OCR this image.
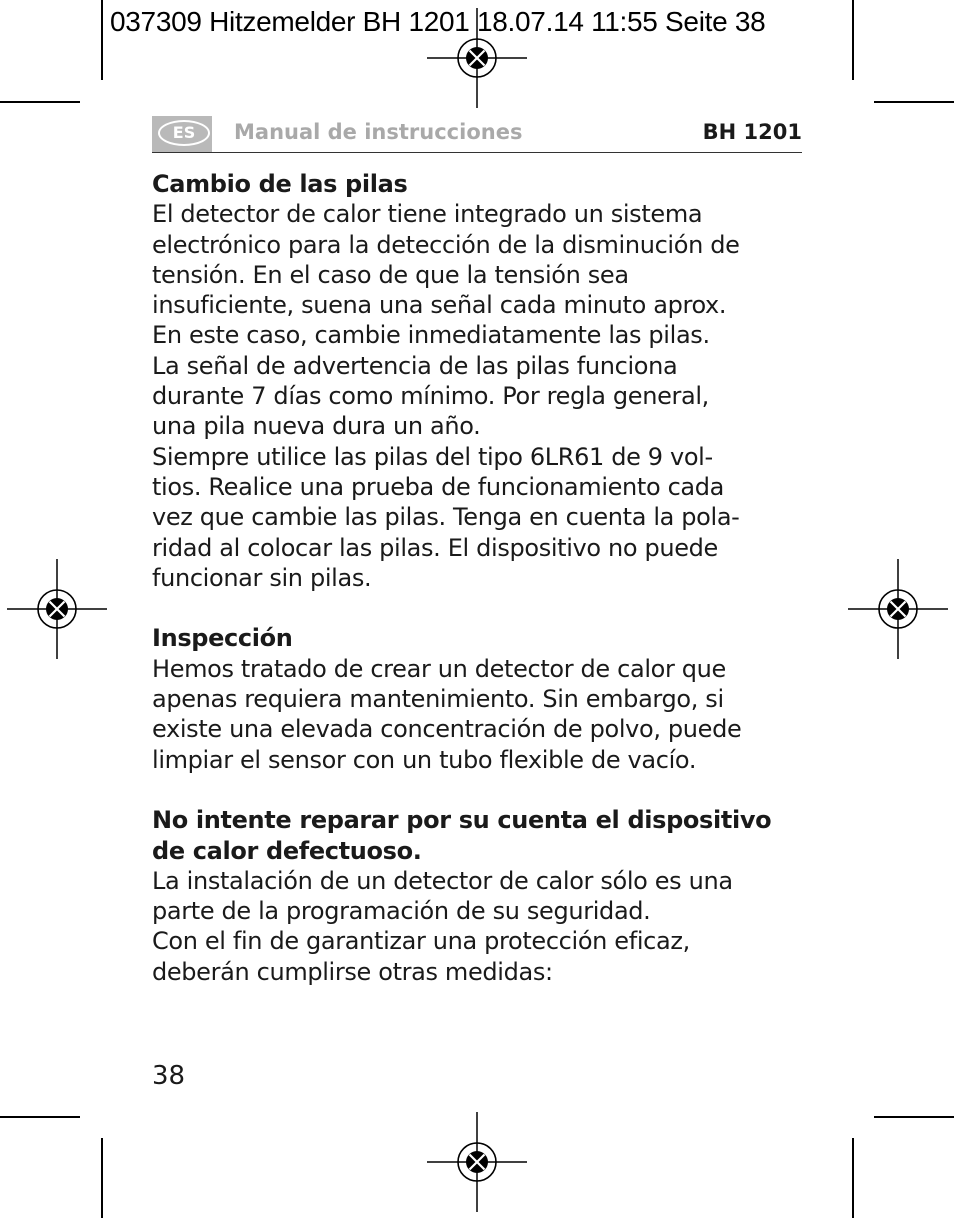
037309 Hitzemelder BH 1201 18.07.14 11:55 Seite 38
ES	Manual de instrucciones	BH 1201
Cambio de las pilas
El detector de calor tiene integrado un sistema
electrónico para la detección de la disminución de
tensión. En el caso de que la tensión sea
insuficiente, suena una señal cada minuto aprox.
En este caso, cambie inmediatamente las pilas.
La señal de advertencia de las pilas funciona
durante 7 días como mínimo. Por regla general,
una pila nueva dura un año.
Siempre utilice las pilas del tipo 6LR61 de 9 vol-
tios. Realice una prueba de funcionamiento cada
vez que cambie las pilas. Tenga en cuenta la pola-
ridad al colocar las pilas. El dispositivo no puede
funcionar sin pilas.
Inspección
Hemos tratado de crear un detector de calor que
apenas requiera mantenimiento. Sin embargo, si
existe una elevada concentración de polvo, puede
limpiar el sensor con un tubo flexible de vacío.
No intente reparar por su cuenta el dispositivo
de calor defectuoso.
La instalación de un detector de calor sólo es una
parte de la programación de su seguridad.
Con el fin de garantizar una protección eficaz,
deberán cumplirse otras medidas:
38
